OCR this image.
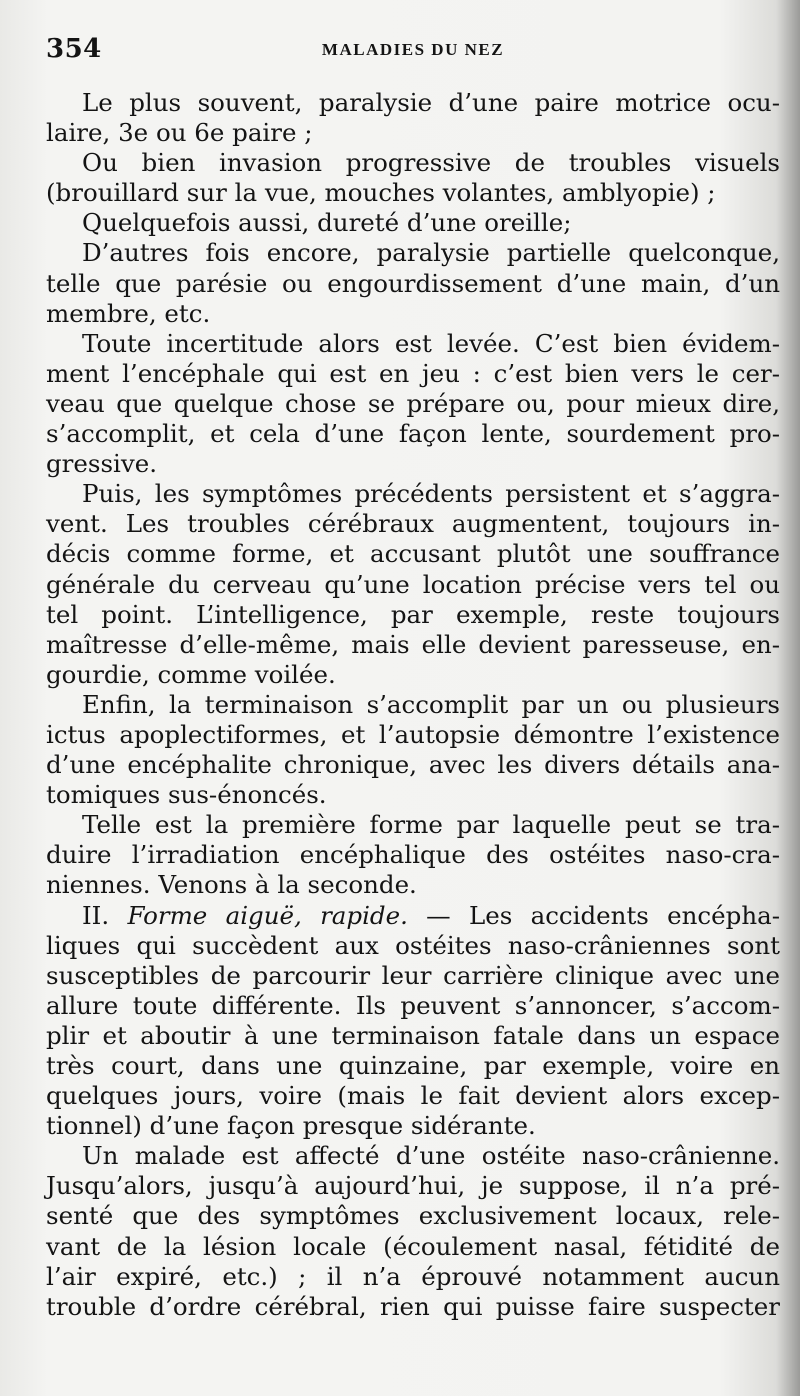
354	MALADIES DU NEZ
Le plus souvent, paralysie d’une paire motrice ocu-
laire, 3e ou 6e paire ;
Ou bien invasion progressive de troubles visuels
(brouillard sur la vue, mouches volantes, amblyopie) ;
Quelquefois aussi, dureté d’une oreille;
D’autres fois encore, paralysie partielle quelconque,
telle que parésie ou engourdissement d’une main, d’un
membre, etc.
Toute incertitude alors est levée. C’est bien évidem-
ment l’encéphale qui est en jeu : c’est bien vers le cer-
veau que quelque chose se prépare ou, pour mieux dire,
s’accomplit, et cela d’une façon lente, sourdement pro-
gressive.
Puis, les symptômes précédents persistent et s’aggra-
vent. Les troubles cérébraux augmentent, toujours in-
décis comme forme, et accusant plutôt une souffrance
générale du cerveau qu’une location précise vers tel ou
tel point. L’intelligence, par exemple, reste toujours
maîtresse d’elle-même, mais elle devient paresseuse, en-
gourdie, comme voilée.
Enfin, la terminaison s’accomplit par un ou plusieurs
ictus apoplectiformes, et l’autopsie démontre l’existence
d’une encéphalite chronique, avec les divers détails ana-
tomiques sus-énoncés.
Telle est la première forme par laquelle peut se tra-
duire l’irradiation encéphalique des ostéites naso-cra-
niennes. Venons à la seconde.
II. Forme aiguë, rapide. — Les accidents encépha-
liques qui succèdent aux ostéites naso-crâniennes sont
susceptibles de parcourir leur carrière clinique avec une
allure toute différente. Ils peuvent s’annoncer, s’accom-
plir et aboutir à une terminaison fatale dans un espace
très court, dans une quinzaine, par exemple, voire en
quelques jours, voire (mais le fait devient alors excep-
tionnel) d’une façon presque sidérante.
Un malade est affecté d’une ostéite naso-crânienne.
Jusqu’alors, jusqu’à aujourd’hui, je suppose, il n’a pré-
senté que des symptômes exclusivement locaux, rele-
vant de la lésion locale (écoulement nasal, fétidité de
l’air expiré, etc.) ; il n’a éprouvé notamment aucun
trouble d’ordre cérébral, rien qui puisse faire suspecter
